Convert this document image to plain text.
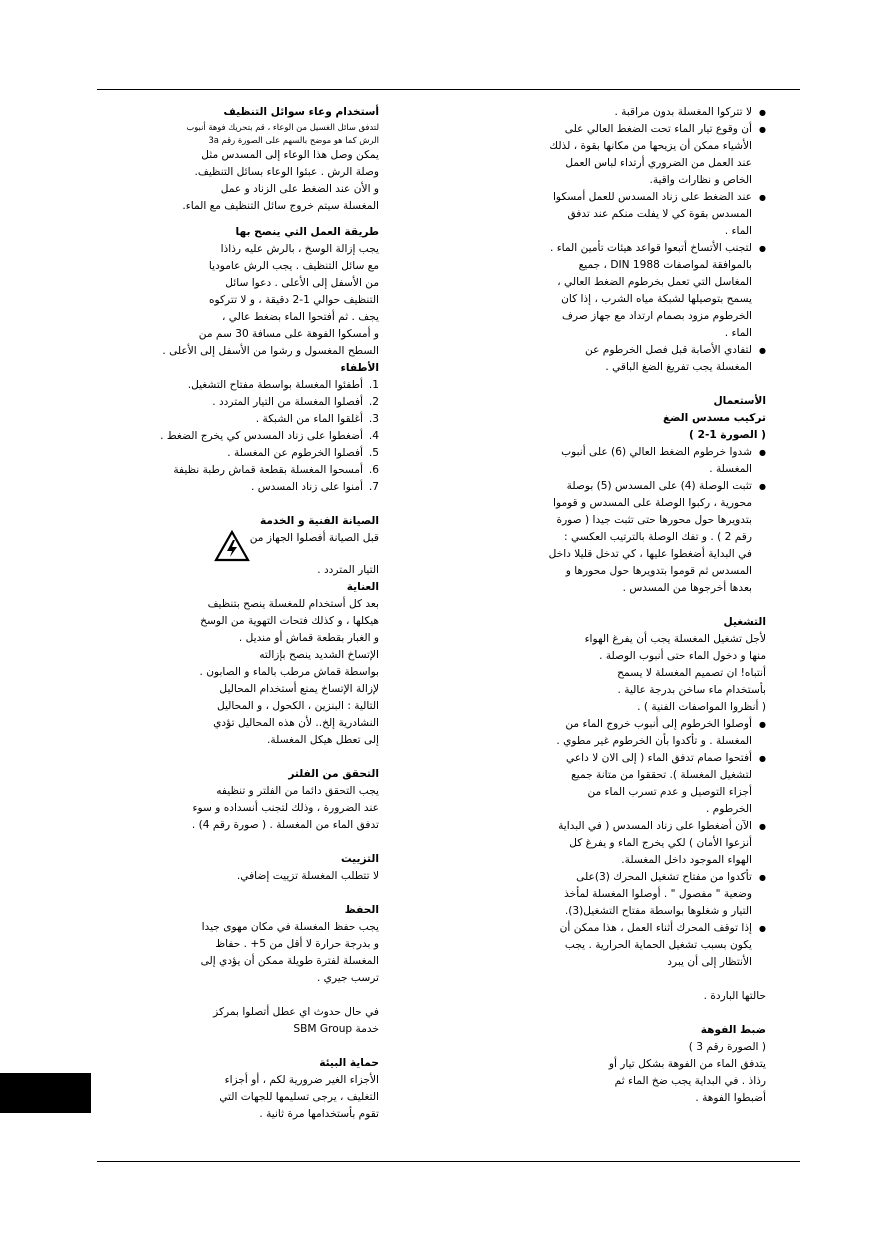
● لا تتركوا المغسلة بدون مراقبة .
● أن وقوع تيار الماء تحت الضغط العالي على الأشياء ممكن أن يزيحها من مكانها بقوة ، لذلك عند العمل من الضروري أرتداء لباس العمل الخاص و نظارات واقية.
● عند الضغط على زناد المسدس للعمل أمسكوا المسدس بقوة كي لا يفلت منكم عند تدفق الماء .
● لتجنب الأتساخ أتبعوا قواعد هيئات تأمين الماء . بالموافقة لمواصفات DIN 1988 ، جميع المغاسل التي تعمل بخرطوم الضغط العالي ، يسمح بتوصيلها لشبكة مياه الشرب ، إذا كان الخرطوم مزود بصمام ارتداد مع جهاز صرف الماء .
● لتفادي الأصابة قبل فصل الخرطوم عن المغسلة يجب تفريغ الضغ الباقي .

الأستعمال

تركيب مسدس الضغ

( الصورة 1-2 )

● شدوا خرطوم الضغط العالي (6) على أنبوب المغسلة .
● تثبت الوصلة (4) على المسدس (5) بوصلة محورية ، ركبوا الوصلة على المسدس و قوموا بتدويرها حول محورها حتى تثبت جيدا ( صورة رقم 2 ) . و تفك الوصلة بالترتيب العكسي : في البداية أضغطوا عليها ، كي تدخل قليلا داخل المسدس ثم قوموا بتدويرها حول محورها و بعدها أخرجوها من المسدس .

التشغيل

لأجل تشغيل المغسلة يجب أن يفرغ الهواء

منها و دخول الماء حتى أنبوب الوصلة .

أنتباه! ان تصميم المغسلة لا يسمح

بأستخدام ماء ساخن بدرجة عالية .

( أنظروا المواصفات الفنية ) .

● أوصلوا الخرطوم إلى أنبوب خروج الماء من المغسلة . و تأكدوا بأن الخرطوم غير مطوي .
● أفتحوا صمام تدفق الماء ( إلى الان لا داعي لتشغيل المغسلة ). تحققوا من متانة جميع أجزاء التوصيل و عدم تسرب الماء من الخرطوم .
● الآن أضغطوا على زناد المسدس ( في البداية أنزعوا الأمان ) لكي يخرج الماء و يفرغ كل الهواء الموجود داخل المغسلة.
● تأكدوا من مفتاح تشغيل المحرك (3)على وضعية " مفصول " . أوصلوا المغسلة لمأخذ التيار و شغلوها بواسطة مفتاح التشغيل(3).
● إذا توقف المحرك أثناء العمل ، هذا ممكن أن يكون بسبب تشغيل الحماية الحرارية . يجب الأنتظار إلى أن يبرد

حالتها الباردة .

ضبط الفوهة

( الصورة رقم 3 )

يتدفق الماء من الفوهة بشكل تيار أو

رذاذ . في البداية يجب ضخ الماء ثم

أضبطوا الفوهة .

أستخدام وعاء سوائل التنظيف

لتدفق سائل الغسيل من الوعاء ، قم بتحريك فوهة أنبوب

الرش كما هو موضح بالسهم على الصورة رقم 3a

يمكن وصل هذا الوعاء إلى المسدس مثل

وصلة الرش . عبئوا الوعاء بسائل التنظيف.

و الأن عند الضغط على الزناد و عمل

المغسلة سيتم خروج سائل التنظيف مع الماء.

طريقة العمل التي ينصح بها

يجب إزالة الوسخ ، بالرش عليه رذاذا

مع سائل التنظيف . يجب الرش عاموديا

من الأسفل إلى الأعلى . دعوا سائل

التنظيف حوالي 1-2 دقيقة ، و لا تتركوه

يجف . ثم أفتحوا الماء بضغط عالي ،

و أمسكوا الفوهة على مسافة 30 سم من

السطح المغسول و رشوا من الأسفل إلى الأعلى .

الأطفاء

1.
أطفئوا المغسلة بواسطة مفتاح التشغيل.
2.
أفصلوا المغسلة من التيار المتردد .
3.
أغلقوا الماء من الشبكة .
4.
أضغطوا على زناد المسدس كي يخرج الضغط .
5.
أفصلوا الخرطوم عن المغسلة .
6.
أمسحوا المغسلة بقطعة قماش رطبة نظيفة
7.
أمنوا على زناد المسدس .

الصيانة الفنية و الخدمة

قبل الصيانة أفصلوا الجهاز من

التيار المتردد .

العناية

بعد كل أستخدام للمغسلة ينصح بتنظيف

هيكلها ، و كذلك فتحات التهوية من الوسخ

و الغبار بقطعة قماش أو منديل .

الإتساخ الشديد ينصح بإزالته

بواسطة قماش مرطب بالماء و الصابون .

لإزالة الإتساخ يمنع أستخدام المحاليل

التالية : البنزين ، الكحول ، و المحاليل

النشادرية إلخ.. لأن هذه المحاليل تؤدي

إلى تعطل هيكل المغسلة.

التحقق من الفلتر

يجب التحقق دائما من الفلتر و تنظيفه

عند الضرورة ، وذلك لتجنب أنسداده و سوء

تدفق الماء من المغسلة . ( صورة رقم 4) .

التزييت

لا تتطلب المغسلة تزييت إضافي.

الحفظ

يجب حفظ المغسلة في مكان مهوى جيدا

و بدرجة حرارة لا أقل من 5+ . حفاظ

المغسلة لفترة طويلة ممكن أن يؤدي إلى

ترسب جيري .

في حال حدوث اي عطل أتصلوا بمركز

خدمة SBM Group

حماية البيئة

الأجزاء الغير ضرورية لكم ، أو أجزاء

التغليف ، يرجى تسليمها للجهات التي

تقوم بأستخدامها مرة ثانية .
